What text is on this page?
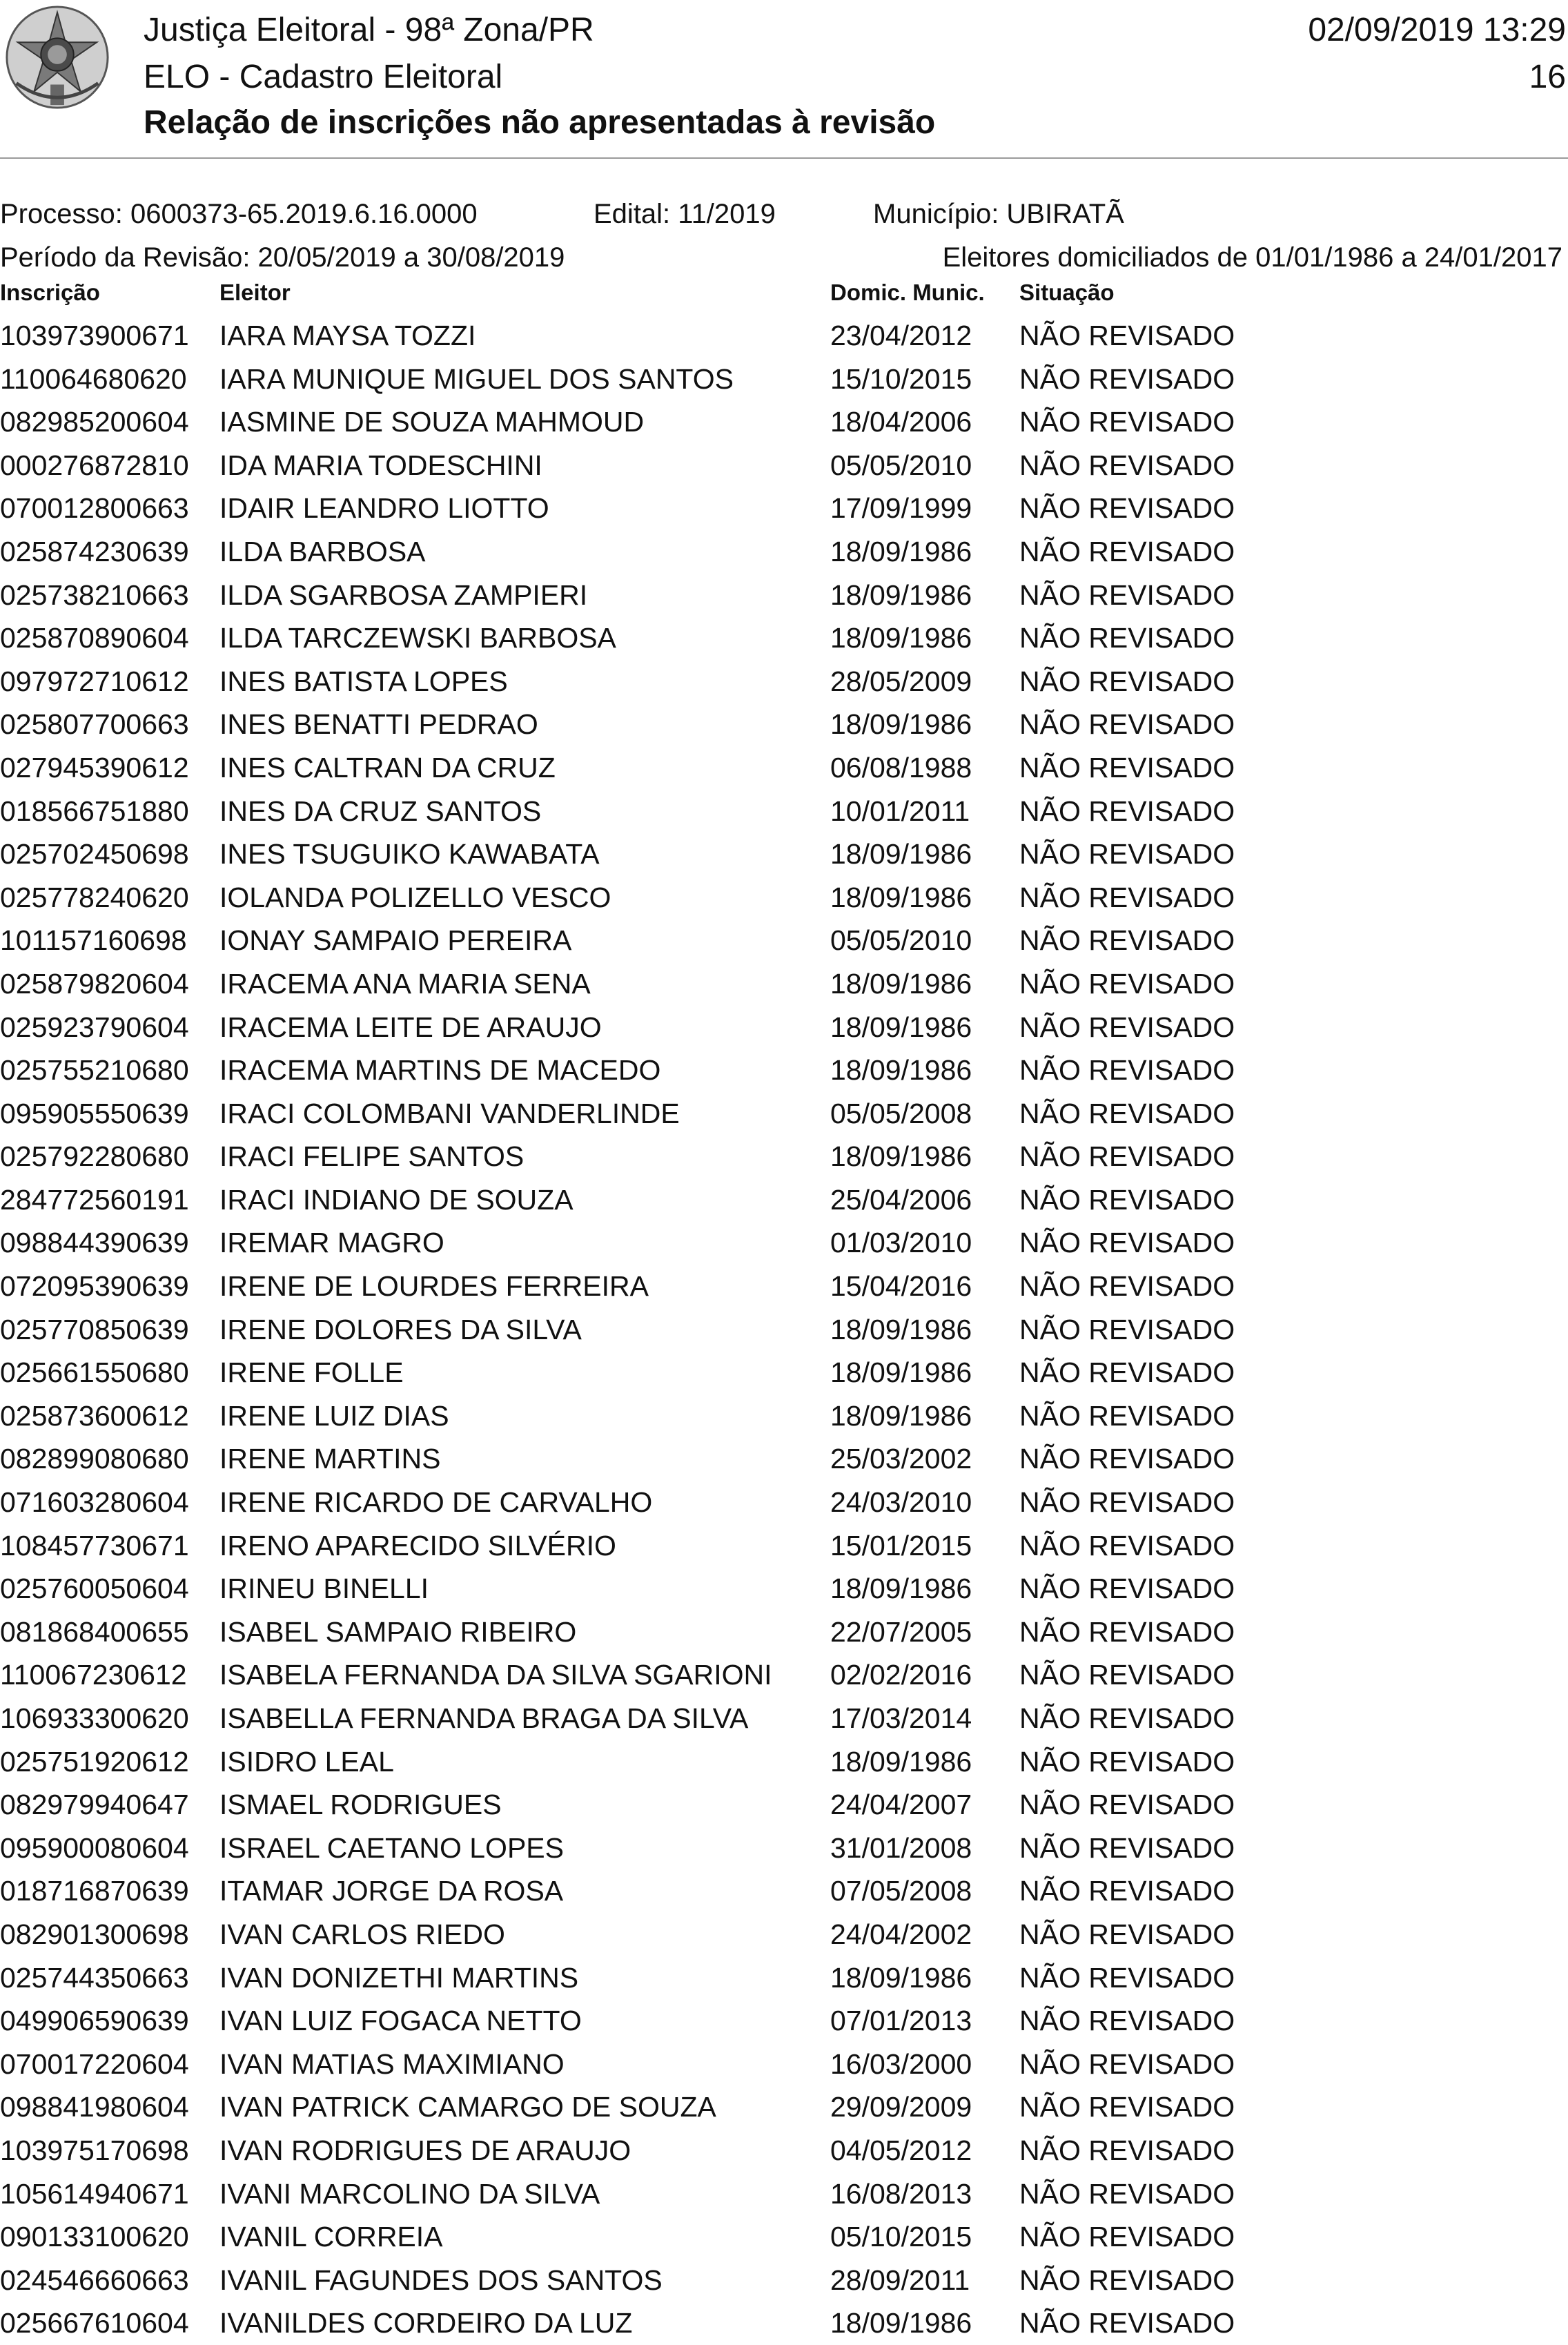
Justiça Eleitoral - 98ª Zona/PR
ELO - Cadastro Eleitoral
Relação de inscrições não apresentadas à revisão
02/09/2019 13:29
16
Processo: 0600373-65.2019.6.16.0000	Edital: 11/2019	Município: UBIRATÃ
Período da Revisão: 20/05/2019 a 30/08/2019	Eleitores domiciliados de 01/01/1986 a 24/01/2017
Inscrição	Eleitor	Domic. Munic. Situação
103973900671 IARA MAYSA TOZZI	23/04/2012 NÃO REVISADO
110064680620 IARA MUNIQUE MIGUEL DOS SANTOS	15/10/2015 NÃO REVISADO
082985200604 IASMINE DE SOUZA MAHMOUD	18/04/2006 NÃO REVISADO
000276872810 IDA MARIA TODESCHINI	05/05/2010 NÃO REVISADO
070012800663 IDAIR LEANDRO LIOTTO	17/09/1999 NÃO REVISADO
025874230639 ILDA BARBOSA	18/09/1986 NÃO REVISADO
025738210663 ILDA SGARBOSA ZAMPIERI	18/09/1986 NÃO REVISADO
025870890604 ILDA TARCZEWSKI BARBOSA	18/09/1986 NÃO REVISADO
097972710612 INES BATISTA LOPES	28/05/2009 NÃO REVISADO
025807700663 INES BENATTI PEDRAO	18/09/1986 NÃO REVISADO
027945390612 INES CALTRAN DA CRUZ	06/08/1988 NÃO REVISADO
018566751880 INES DA CRUZ SANTOS	10/01/2011 NÃO REVISADO
025702450698 INES TSUGUIKO KAWABATA	18/09/1986 NÃO REVISADO
025778240620 IOLANDA POLIZELLO VESCO	18/09/1986 NÃO REVISADO
101157160698 IONAY SAMPAIO PEREIRA	05/05/2010 NÃO REVISADO
025879820604 IRACEMA ANA MARIA SENA	18/09/1986 NÃO REVISADO
025923790604 IRACEMA LEITE DE ARAUJO	18/09/1986 NÃO REVISADO
025755210680 IRACEMA MARTINS DE MACEDO	18/09/1986 NÃO REVISADO
095905550639 IRACI COLOMBANI VANDERLINDE	05/05/2008 NÃO REVISADO
025792280680 IRACI FELIPE SANTOS	18/09/1986 NÃO REVISADO
284772560191 IRACI INDIANO DE SOUZA	25/04/2006 NÃO REVISADO
098844390639 IREMAR MAGRO	01/03/2010 NÃO REVISADO
072095390639 IRENE DE LOURDES FERREIRA	15/04/2016 NÃO REVISADO
025770850639 IRENE DOLORES DA SILVA	18/09/1986 NÃO REVISADO
025661550680 IRENE FOLLE	18/09/1986 NÃO REVISADO
025873600612 IRENE LUIZ DIAS	18/09/1986 NÃO REVISADO
082899080680 IRENE MARTINS	25/03/2002 NÃO REVISADO
071603280604 IRENE RICARDO DE CARVALHO	24/03/2010 NÃO REVISADO
108457730671 IRENO APARECIDO SILVÉRIO	15/01/2015 NÃO REVISADO
025760050604 IRINEU BINELLI	18/09/1986 NÃO REVISADO
081868400655 ISABEL SAMPAIO RIBEIRO	22/07/2005 NÃO REVISADO
110067230612 ISABELA FERNANDA DA SILVA SGARIONI 02/02/2016 NÃO REVISADO
106933300620 ISABELLA FERNANDA BRAGA DA SILVA	17/03/2014 NÃO REVISADO
025751920612 ISIDRO LEAL	18/09/1986 NÃO REVISADO
082979940647 ISMAEL RODRIGUES	24/04/2007 NÃO REVISADO
095900080604 ISRAEL CAETANO LOPES	31/01/2008 NÃO REVISADO
018716870639 ITAMAR JORGE DA ROSA	07/05/2008 NÃO REVISADO
082901300698 IVAN CARLOS RIEDO	24/04/2002 NÃO REVISADO
025744350663 IVAN DONIZETHI MARTINS	18/09/1986 NÃO REVISADO
049906590639 IVAN LUIZ FOGACA NETTO	07/01/2013 NÃO REVISADO
070017220604 IVAN MATIAS MAXIMIANO	16/03/2000 NÃO REVISADO
098841980604 IVAN PATRICK CAMARGO DE SOUZA	29/09/2009 NÃO REVISADO
103975170698 IVAN RODRIGUES DE ARAUJO	04/05/2012 NÃO REVISADO
105614940671 IVANI MARCOLINO DA SILVA	16/08/2013 NÃO REVISADO
090133100620 IVANIL CORREIA	05/10/2015 NÃO REVISADO
024546660663 IVANIL FAGUNDES DOS SANTOS	28/09/2011 NÃO REVISADO
025667610604 IVANILDES CORDEIRO DA LUZ	18/09/1986 NÃO REVISADO
